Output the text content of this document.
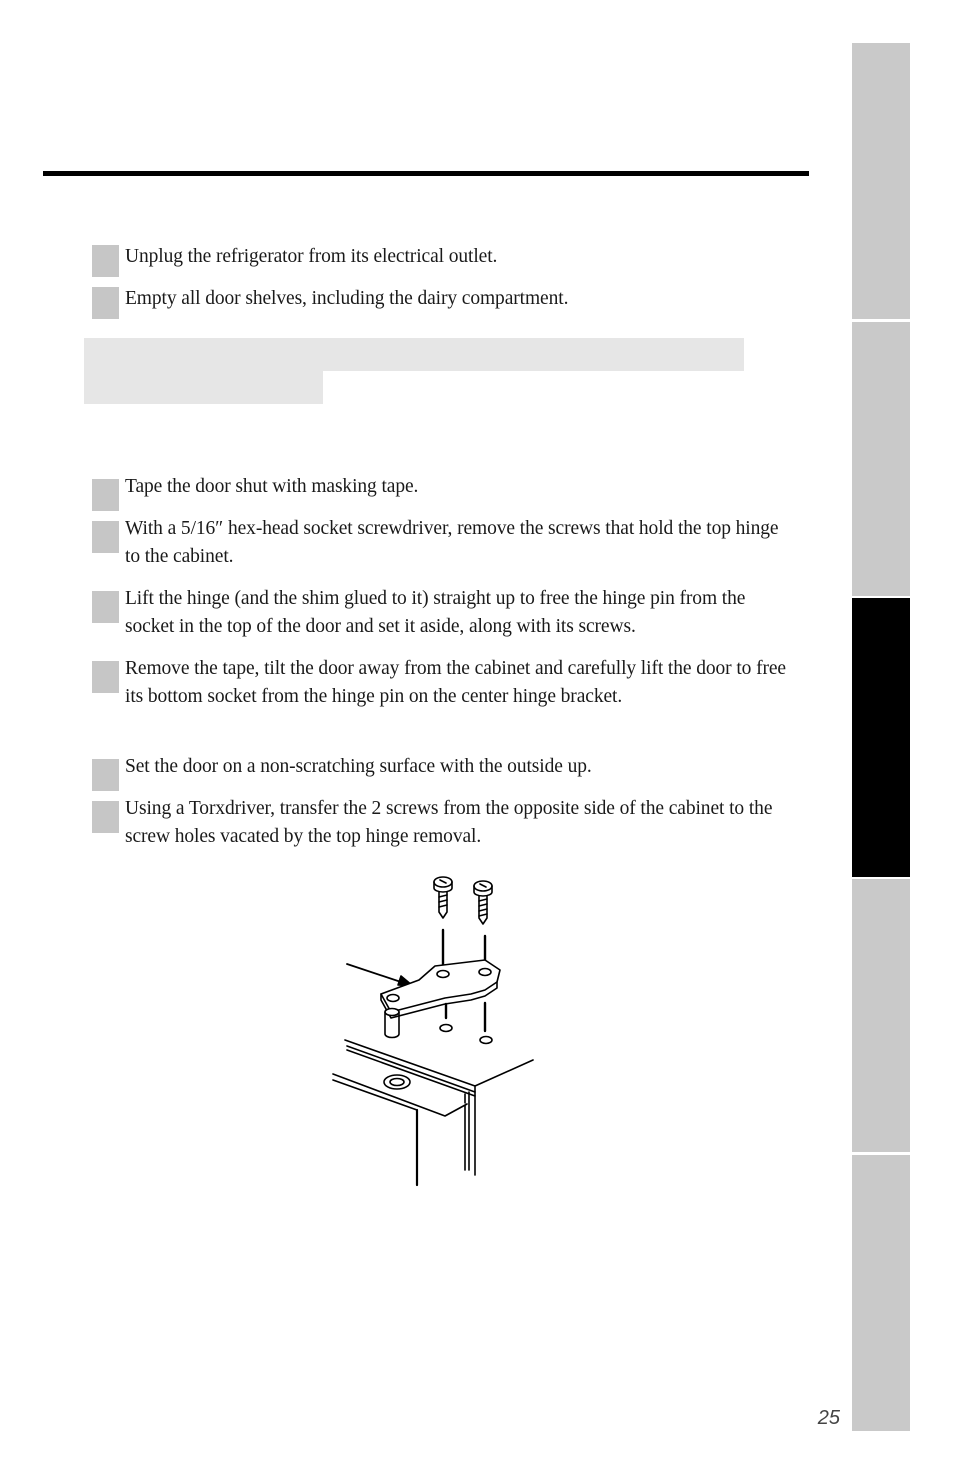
Unplug the refrigerator from its electrical outlet.
Empty all door shelves, including the dairy compartment.
Tape the door shut with masking tape.
With a 5/16″ hex-head socket screwdriver, remove the screws that hold the top hinge to the cabinet.
Lift the hinge (and the shim glued to it) straight up to free the hinge pin from the socket in the top of the door and set it aside, along with its screws.
Remove the tape, tilt the door away from the cabinet and carefully lift the door to free its bottom socket from the hinge pin on the center hinge bracket.
Set the door on a non-scratching surface with the outside up.
Using a Torxdriver, transfer the 2 screws from the opposite side of the cabinet to the screw holes vacated by the top hinge removal.
25
